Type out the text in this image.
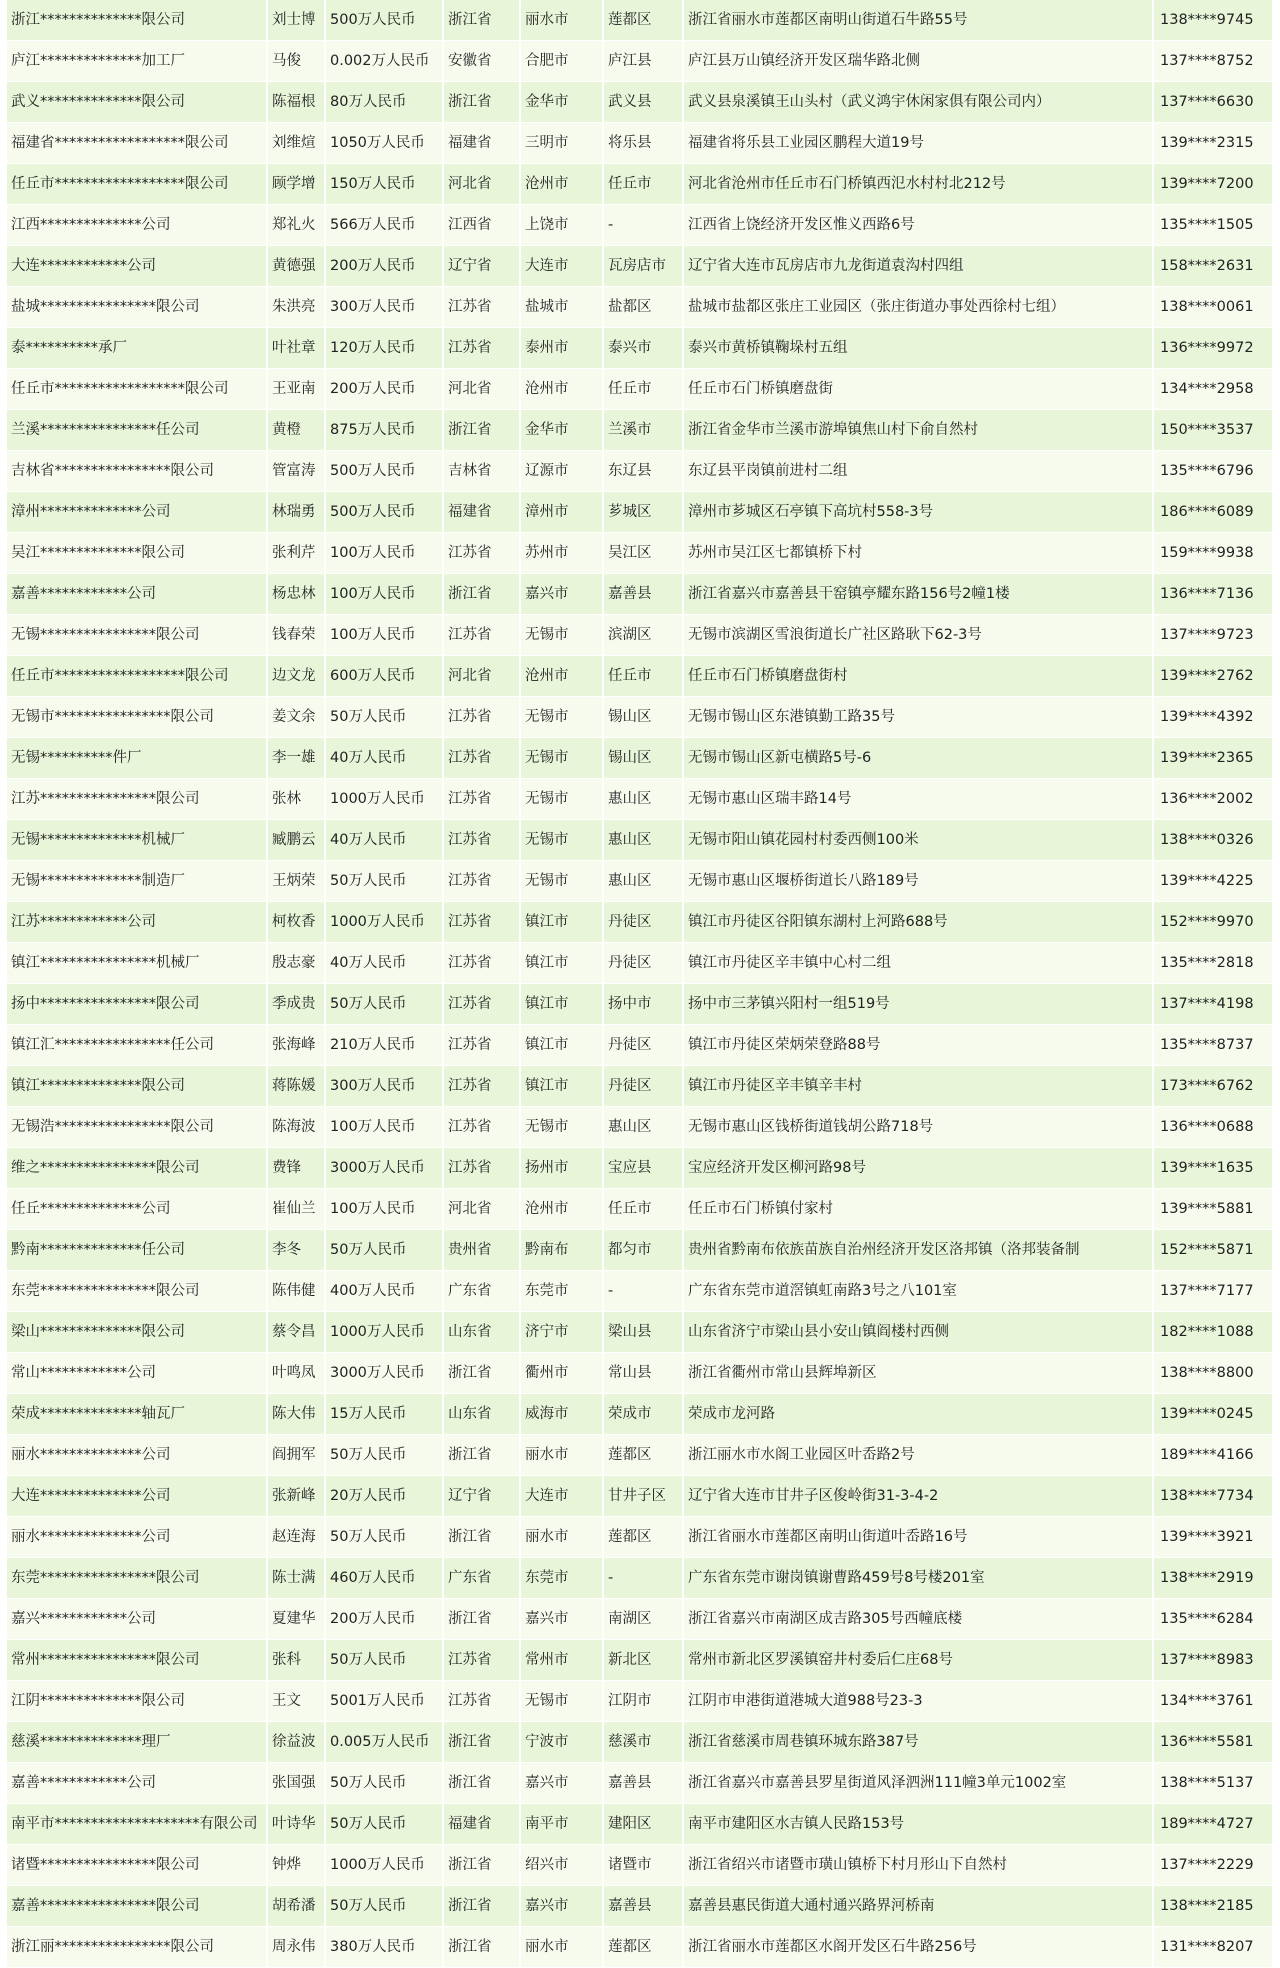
浙江**************限公司	刘士博	500万人民币	浙江省	丽水市	莲都区	浙江省丽水市莲都区南明山街道石牛路55号	138****9745
庐江**************加工厂	马俊	0.002万人民币	安徽省	合肥市	庐江县	庐江县万山镇经济开发区瑞华路北侧	137****8752
武义**************限公司	陈福根	80万人民币	浙江省	金华市	武义县	武义县泉溪镇王山头村（武义鸿宇休闲家俱有限公司内）	137****6630
福建省******************限公司	刘维煊	1050万人民币	福建省	三明市	将乐县	福建省将乐县工业园区鹏程大道19号	139****2315
任丘市******************限公司	顾学增	150万人民币	河北省	沧州市	任丘市	河北省沧州市任丘市石门桥镇西氾水村村北212号	139****7200
江西**************公司	郑礼火	566万人民币	江西省	上饶市	-	江西省上饶经济开发区惟义西路6号	135****1505
大连************公司	黄德强	200万人民币	辽宁省	大连市	瓦房店市	辽宁省大连市瓦房店市九龙街道袁沟村四组	158****2631
盐城****************限公司	朱洪亮	300万人民币	江苏省	盐城市	盐都区	盐城市盐都区张庄工业园区（张庄街道办事处西徐村七组）	138****0061
泰**********承厂	叶社章	120万人民币	江苏省	泰州市	泰兴市	泰兴市黄桥镇鞠垛村五组	136****9972
任丘市******************限公司	王亚南	200万人民币	河北省	沧州市	任丘市	任丘市石门桥镇磨盘街	134****2958
兰溪****************任公司	黄橙	875万人民币	浙江省	金华市	兰溪市	浙江省金华市兰溪市游埠镇焦山村下俞自然村	150****3537
吉林省****************限公司	管富涛	500万人民币	吉林省	辽源市	东辽县	东辽县平岗镇前进村二组	135****6796
漳州**************公司	林瑞勇	500万人民币	福建省	漳州市	芗城区	漳州市芗城区石亭镇下高坑村558-3号	186****6089
吴江**************限公司	张利芹	100万人民币	江苏省	苏州市	吴江区	苏州市吴江区七都镇桥下村	159****9938
嘉善************公司	杨忠林	100万人民币	浙江省	嘉兴市	嘉善县	浙江省嘉兴市嘉善县干窑镇亭耀东路156号2幢1楼	136****7136
无锡****************限公司	钱春荣	100万人民币	江苏省	无锡市	滨湖区	无锡市滨湖区雪浪街道长广社区路耿下62-3号	137****9723
任丘市******************限公司	边文龙	600万人民币	河北省	沧州市	任丘市	任丘市石门桥镇磨盘街村	139****2762
无锡市****************限公司	姜文余	50万人民币	江苏省	无锡市	锡山区	无锡市锡山区东港镇勤工路35号	139****4392
无锡**********件厂	李一雄	40万人民币	江苏省	无锡市	锡山区	无锡市锡山区新屯横路5号-6	139****2365
江苏****************限公司	张林	1000万人民币	江苏省	无锡市	惠山区	无锡市惠山区瑞丰路14号	136****2002
无锡**************机械厂	臧鹏云	40万人民币	江苏省	无锡市	惠山区	无锡市阳山镇花园村村委西侧100米	138****0326
无锡**************制造厂	王炳荣	50万人民币	江苏省	无锡市	惠山区	无锡市惠山区堰桥街道长八路189号	139****4225
江苏************公司	柯枚香	1000万人民币	江苏省	镇江市	丹徒区	镇江市丹徒区谷阳镇东湖村上河路688号	152****9970
镇江****************机械厂	殷志豪	40万人民币	江苏省	镇江市	丹徒区	镇江市丹徒区辛丰镇中心村二组	135****2818
扬中****************限公司	季成贵	50万人民币	江苏省	镇江市	扬中市	扬中市三茅镇兴阳村一组519号	137****4198
镇江汇****************任公司	张海峰	210万人民币	江苏省	镇江市	丹徒区	镇江市丹徒区荣炳荣登路88号	135****8737
镇江**************限公司	蒋陈媛	300万人民币	江苏省	镇江市	丹徒区	镇江市丹徒区辛丰镇辛丰村	173****6762
无锡浩****************限公司	陈海波	100万人民币	江苏省	无锡市	惠山区	无锡市惠山区钱桥街道钱胡公路718号	136****0688
维之****************限公司	费锋	3000万人民币	江苏省	扬州市	宝应县	宝应经济开发区柳河路98号	139****1635
任丘**************公司	崔仙兰	100万人民币	河北省	沧州市	任丘市	任丘市石门桥镇付家村	139****5881
黔南**************任公司	李冬	50万人民币	贵州省	黔南布	都匀市	贵州省黔南布依族苗族自治州经济开发区洛邦镇（洛邦装备制	152****5871
东莞****************限公司	陈伟健	400万人民币	广东省	东莞市	-	广东省东莞市道滘镇虹南路3号之八101室	137****7177
梁山**************限公司	蔡令昌	1000万人民币	山东省	济宁市	梁山县	山东省济宁市梁山县小安山镇阎楼村西侧	182****1088
常山************公司	叶鸣凤	3000万人民币	浙江省	衢州市	常山县	浙江省衢州市常山县辉埠新区	138****8800
荣成**************轴瓦厂	陈大伟	15万人民币	山东省	威海市	荣成市	荣成市龙河路	139****0245
丽水**************公司	阎拥军	50万人民币	浙江省	丽水市	莲都区	浙江丽水市水阁工业园区叶岙路2号	189****4166
大连**************公司	张新峰	20万人民币	辽宁省	大连市	甘井子区	辽宁省大连市甘井子区俊岭街31-3-4-2	138****7734
丽水**************公司	赵连海	50万人民币	浙江省	丽水市	莲都区	浙江省丽水市莲都区南明山街道叶岙路16号	139****3921
东莞****************限公司	陈士满	460万人民币	广东省	东莞市	-	广东省东莞市谢岗镇谢曹路459号8号楼201室	138****2919
嘉兴************公司	夏建华	200万人民币	浙江省	嘉兴市	南湖区	浙江省嘉兴市南湖区成吉路305号西幢底楼	135****6284
常州****************限公司	张科	50万人民币	江苏省	常州市	新北区	常州市新北区罗溪镇窑井村委后仁庄68号	137****8983
江阴**************限公司	王文	5001万人民币	江苏省	无锡市	江阴市	江阴市申港街道港城大道988号23-3	134****3761
慈溪**************理厂	徐益波	0.005万人民币	浙江省	宁波市	慈溪市	浙江省慈溪市周巷镇环城东路387号	136****5581
嘉善************公司	张国强	50万人民币	浙江省	嘉兴市	嘉善县	浙江省嘉兴市嘉善县罗星街道风泽泗洲111幢3单元1002室	138****5137
南平市********************有限公司	叶诗华	50万人民币	福建省	南平市	建阳区	南平市建阳区水吉镇人民路153号	189****4727
诸暨****************限公司	钟烨	1000万人民币	浙江省	绍兴市	诸暨市	浙江省绍兴市诸暨市璜山镇桥下村月形山下自然村	137****2229
嘉善****************限公司	胡希潘	50万人民币	浙江省	嘉兴市	嘉善县	嘉善县惠民街道大通村通兴路界河桥南	138****2185
浙江丽****************限公司	周永伟	380万人民币	浙江省	丽水市	莲都区	浙江省丽水市莲都区水阁开发区石牛路256号	131****8207
